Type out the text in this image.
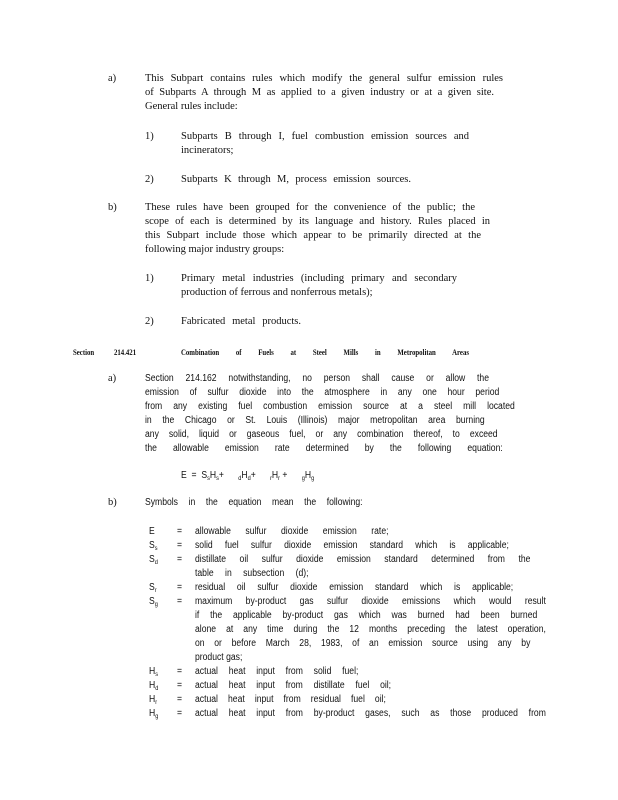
a)	This Subpart contains rules which modify the general sulfur emission rules
of Subparts A through M as applied to a given industry or at a given site.
General rules include:
1)	Subparts B through I, fuel combustion emission sources and
incinerators;
2)	Subparts K through M, process emission sources.
b)	These rules have been grouped for the convenience of the public; the
scope of each is determined by its language and history. Rules placed in
this Subpart include those which appear to be primarily directed at the
following major industry groups:
1)	Primary metal industries (including primary and secondary
production of ferrous and nonferrous metals);
2)	Fabricated metal products.
Section 214.421	Combination of Fuels at Steel Mills in Metropolitan Areas
a)	Section 214.162 notwithstanding, no person shall cause or allow the
emission of sulfur dioxide into the atmosphere in any one hour period
from any existing fuel combustion emission source at a steel mill located
in the Chicago or St. Louis (Illinois) major metropolitan area burning
any solid, liquid or gaseous fuel, or any combination thereof, to exceed
the allowable emission rate determined by the following equation:
$E = S_sH_s+ _dH_d+ _rH_r + _gH_g$
b)	Symbols in the equation mean the following:
E = allowable sulfur dioxide emission rate;
$S_s$ = solid fuel sulfur dioxide emission standard which is applicable;
$S_d$ = distillate oil sulfur dioxide emission standard determined from the
table in subsection (d);
$S_r$ = residual oil sulfur dioxide emission standard which is applicable;
$S_g$ = maximum by-product gas sulfur dioxide emissions which would result
if the applicable by-product gas which was burned had been burned
alone at any time during the 12 months preceding the latest operation,
on or before March 28, 1983, of an emission source using any by
product gas;
$H_s$ = actual heat input from solid fuel;
$H_d$ = actual heat input from distillate fuel oil;
$H_r$ = actual heat input from residual fuel oil;
$H_g$ = actual heat input from by-product gases, such as those produced from
